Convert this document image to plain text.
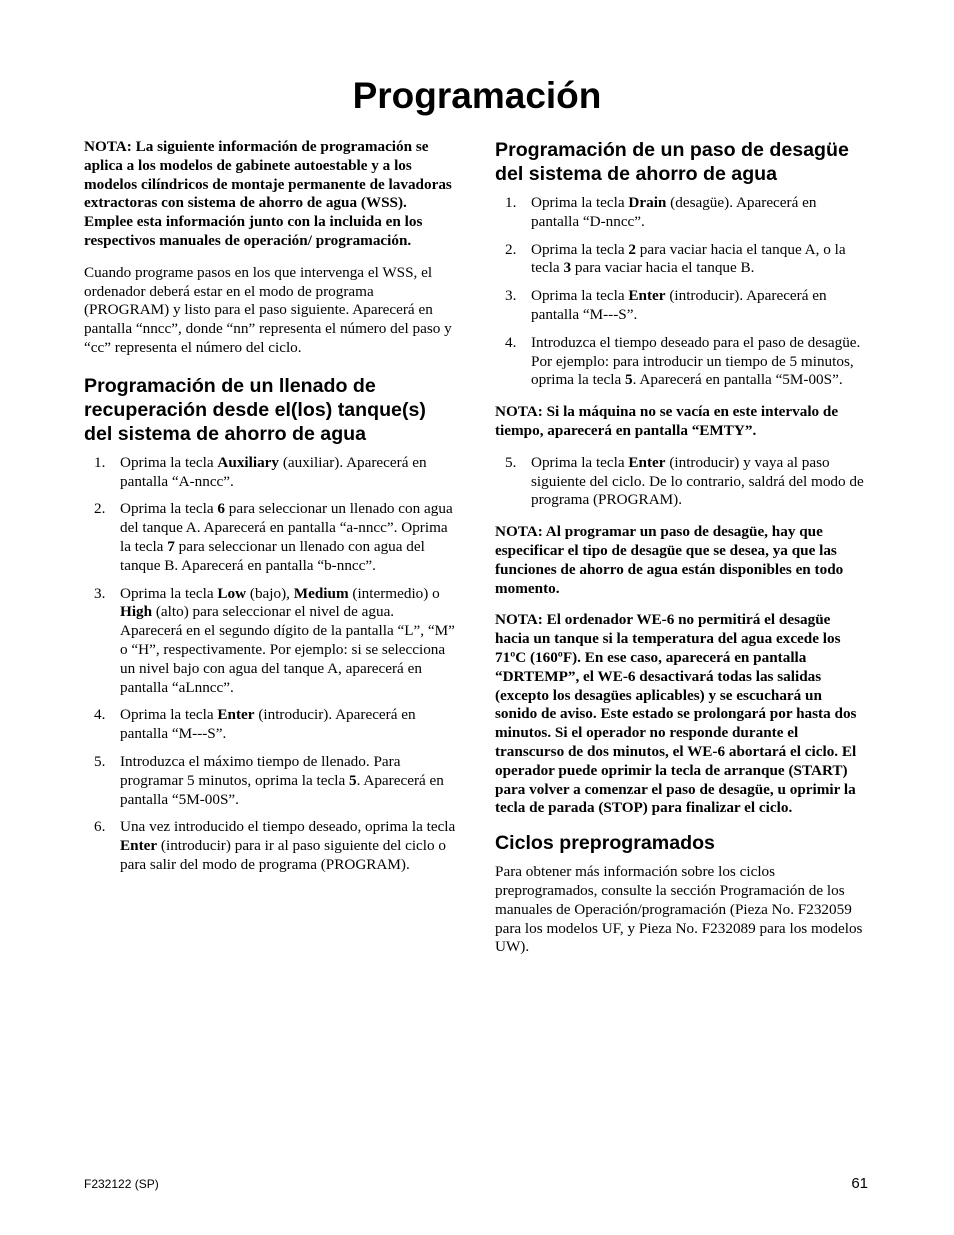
Programación

NOTA: La siguiente información de programación se aplica a los modelos de gabinete autoestable y a los modelos cilíndricos de montaje permanente de lavadoras extractoras con sistema de ahorro de agua (WSS). Emplee esta información junto con la incluida en los respectivos manuales de operación/ programación.

Cuando programe pasos en los que intervenga el WSS, el ordenador deberá estar en el modo de programa (PROGRAM) y listo para el paso siguiente. Aparecerá en pantalla “nncc”, donde “nn” representa el número del paso y “cc” representa el número del ciclo.

Programación de un llenado de recuperación desde el(los) tanque(s) del sistema de ahorro de agua
1. Oprima la tecla Auxiliary (auxiliar). Aparecerá en pantalla “A-nncc”.
2. Oprima la tecla 6 para seleccionar un llenado con agua del tanque A. Aparecerá en pantalla “a-nncc”. Oprima la tecla 7 para seleccionar un llenado con agua del tanque B. Aparecerá en pantalla “b-nncc”.
3. Oprima la tecla Low (bajo), Medium (intermedio) o High (alto) para seleccionar el nivel de agua. Aparecerá en el segundo dígito de la pantalla “L”, “M” o “H”, respectivamente. Por ejemplo: si se selecciona un nivel bajo con agua del tanque A, aparecerá en pantalla “aLnncc”.
4. Oprima la tecla Enter (introducir). Aparecerá en pantalla “M---S”.
5. Introduzca el máximo tiempo de llenado. Para programar 5 minutos, oprima la tecla 5. Aparecerá en pantalla “5M-00S”.
6. Una vez introducido el tiempo deseado, oprima la tecla Enter (introducir) para ir al paso siguiente del ciclo o para salir del modo de programa (PROGRAM).
Programación de un paso de desagüe del sistema de ahorro de agua
1. Oprima la tecla Drain (desagüe). Aparecerá en pantalla “D-nncc”.
2. Oprima la tecla 2 para vaciar hacia el tanque A, o la tecla 3 para vaciar hacia el tanque B.
3. Oprima la tecla Enter (introducir). Aparecerá en pantalla “M---S”.
4. Introduzca el tiempo deseado para el paso de desagüe. Por ejemplo: para introducir un tiempo de 5 minutos, oprima la tecla 5. Aparecerá en pantalla “5M-00S”.

NOTA: Si la máquina no se vacía en este intervalo de tiempo, aparecerá en pantalla “EMTY”.

5. Oprima la tecla Enter (introducir) y vaya al paso siguiente del ciclo. De lo contrario, saldrá del modo de programa (PROGRAM).

NOTA: Al programar un paso de desagüe, hay que especificar el tipo de desagüe que se desea, ya que las funciones de ahorro de agua están disponibles en todo momento.

NOTA: El ordenador WE-6 no permitirá el desagüe hacia un tanque si la temperatura del agua excede los 71ºC (160ºF). En ese caso, aparecerá en pantalla “DRTEMP”, el WE-6 desactivará todas las salidas (excepto los desagües aplicables) y se escuchará un sonido de aviso. Este estado se prolongará por hasta dos minutos. Si el operador no responde durante el transcurso de dos minutos, el WE-6 abortará el ciclo. El operador puede oprimir la tecla de arranque (START) para volver a comenzar el paso de desagüe, u oprimir la tecla de parada (STOP) para finalizar el ciclo.

Ciclos preprogramados

Para obtener más información sobre los ciclos preprogramados, consulte la sección Programación de los manuales de Operación/programación (Pieza No. F232059 para los modelos UF, y Pieza No. F232089 para los modelos UW).

F232122 (SP)	61
